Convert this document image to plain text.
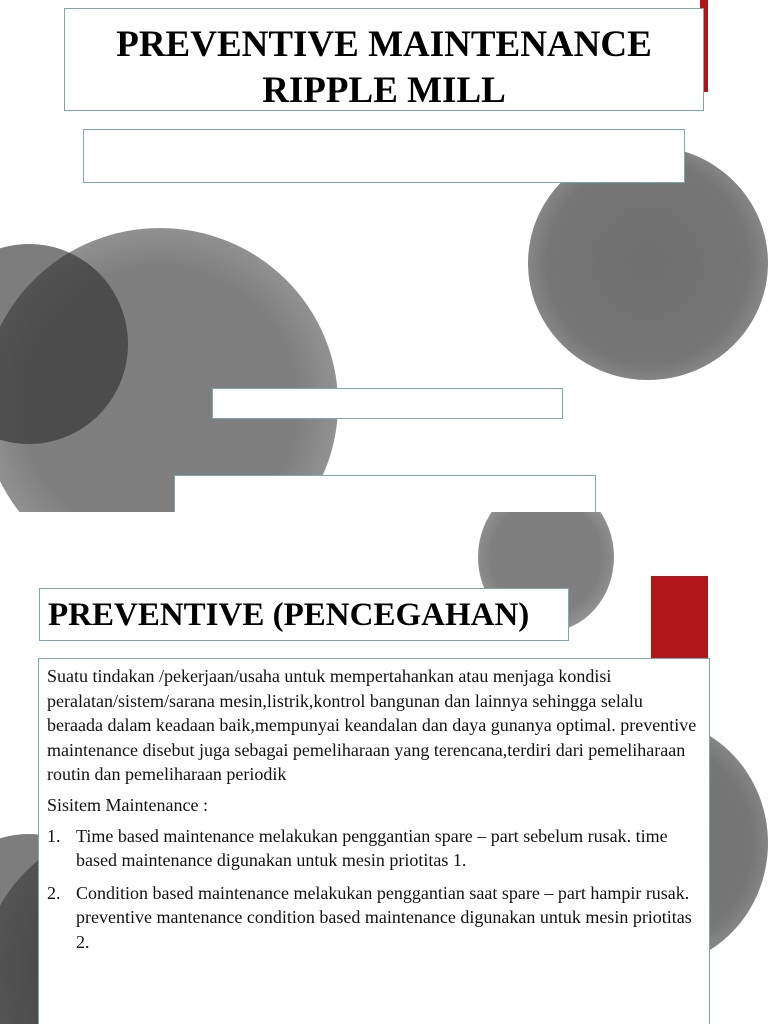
PREVENTIVE MAINTENANCE
RIPPLE MILL
PREVENTIVE (PENCEGAHAN)

Suatu tindakan /pekerjaan/usaha untuk mempertahankan atau menjaga kondisi peralatan/sistem/sarana mesin,listrik,kontrol bangunan dan lainnya sehingga selalu beraada dalam keadaan baik,mempunyai keandalan dan daya gunanya optimal. preventive maintenance disebut juga sebagai pemeliharaan yang terencana,terdiri dari pemeliharaan routin dan pemeliharaan periodik

Sisitem Maintenance :

1. Time based maintenance melakukan penggantian spare – part sebelum rusak. time based maintenance digunakan untuk mesin priotitas 1.
2. Condition based maintenance melakukan penggantian saat spare – part hampir rusak. preventive mantenance condition based maintenance digunakan untuk mesin priotitas 2.
